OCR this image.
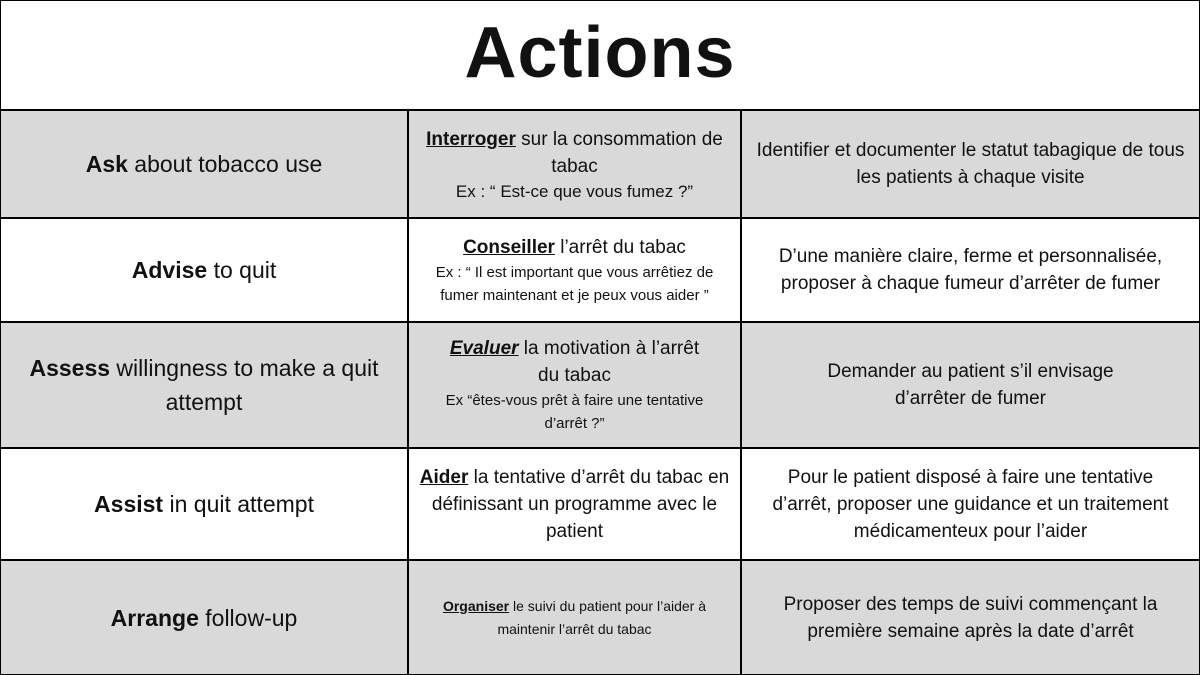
Actions
Ask about tobacco use
Interroger sur la consommation de tabac
Ex : “ Est-ce que vous fumez ?”
Identifier et documenter le statut tabagique de tous les patients à chaque visite
Advise to quit
Conseiller l’arrêt du tabac
Ex : “ Il est important que vous arrêtiez de fumer maintenant et je peux vous aider ”
D’une manière claire, ferme et personnalisée, proposer à chaque fumeur d’arrêter de fumer
Assess willingness to make a quit attempt
Evaluer la motivation à l’arrêt du tabac
Ex “êtes-vous prêt à faire une tentative d’arrêt ?”
Demander au patient s’il envisage d’arrêter de fumer
Assist in quit attempt
Aider la tentative d’arrêt du tabac en définissant un programme avec le patient
Pour le patient disposé à faire une tentative d’arrêt, proposer une guidance et un traitement médicamenteux pour l’aider
Arrange follow-up	Organiser le suivi du patient pour l’aider à maintenir l’arrêt du tabac
Proposer des temps de suivi commençant la première semaine après la date d’arrêt
